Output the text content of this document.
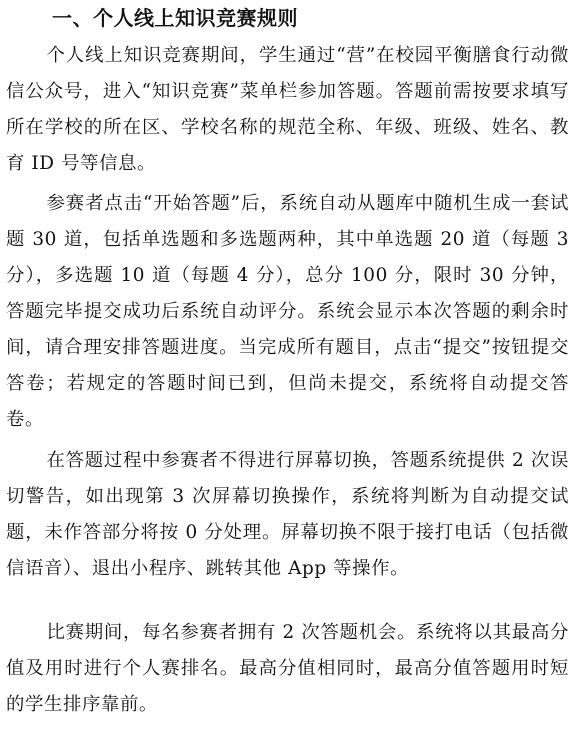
一、个人线上知识竞赛规则

个人线上知识竞赛期间，学生通过“营”在校园平衡膳食行动微信公众号，进入“知识竞赛”菜单栏参加答题。答题前需按要求填写所在学校的所在区、学校名称的规范全称、年级、班级、姓名、教育 ID 号等信息。

参赛者点击“开始答题”后，系统自动从题库中随机生成一套试题 30 道，包括单选题和多选题两种，其中单选题 20 道（每题 3 分），多选题 10 道（每题 4 分），总分 100 分，限时 30 分钟，答题完毕提交成功后系统自动评分。系统会显示本次答题的剩余时间，请合理安排答题进度。当完成所有题目，点击“提交”按钮提交答卷；若规定的答题时间已到，但尚未提交，系统将自动提交答卷。

在答题过程中参赛者不得进行屏幕切换，答题系统提供 2 次误切警告，如出现第 3 次屏幕切换操作，系统将判断为自动提交试题，未作答部分将按 0 分处理。屏幕切换不限于接打电话（包括微信语音）、退出小程序、跳转其他 App 等操作。

比赛期间，每名参赛者拥有 2 次答题机会。系统将以其最高分值及用时进行个人赛排名。最高分值相同时，最高分值答题用时短的学生排序靠前。
